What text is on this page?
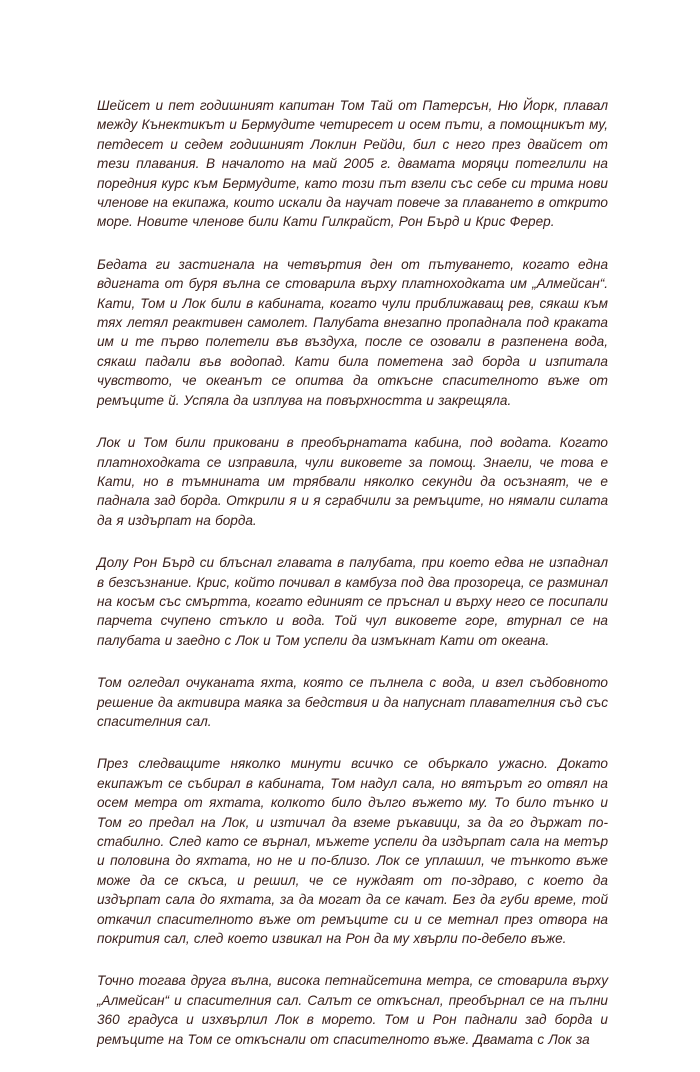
Шейсет и пет годишният капитан Том Тай от Патерсън, Ню Йорк, плавал между Кънектикът и Бермудите четиресет и осем пъти, а помощникът му, петдесет и седем годишният Локлин Рейди, бил с него през двайсет от тези плавания. В началото на май 2005 г. двамата моряци потеглили на поредния курс към Бермудите, като този път взели със себе си трима нови членове на екипажа, които искали да научат повече за плаването в открито море. Новите членове били Кати Гилкрайст, Рон Бърд и Крис Ферер.

Бедата ги застигнала на четвъртия ден от пътуването, когато една вдигната от буря вълна се стоварила върху платноходката им „Алмейсан“. Кати, Том и Лок били в кабината, когато чули приближаващ рев, сякаш към тях летял реактивен самолет. Палубата внезапно пропаднала под краката им и те първо полетели във въздуха, после се озовали в разпенена вода, сякаш падали във водопад. Кати била пометена зад борда и изпитала чувството, че океанът се опитва да откъсне спасителното въже от ремъците й. Успяла да изплува на повърхността и закрещяла.

Лок и Том били приковани в преобърнатата кабина, под водата. Когато платноходката се изправила, чули виковете за помощ. Знаели, че това е Кати, но в тъмнината им трябвали няколко секунди да осъзнаят, че е паднала зад борда. Открили я и я сграбчили за ремъците, но нямали силата да я издърпат на борда.

Долу Рон Бърд си блъснал главата в палубата, при което едва не изпаднал в безсъзнание. Крис, който почивал в камбуза под два прозореца, се разминал на косъм със смъртта, когато единият се пръснал и върху него се посипали парчета счупено стъкло и вода. Той чул виковете горе, втурнал се на палубата и заедно с Лок и Том успели да измъкнат Кати от океана.

Том огледал очуканата яхта, която се пълнела с вода, и взел съдбовното решение да активира маяка за бедствия и да напуснат плавателния съд със спасителния сал.

През следващите няколко минути всичко се объркало ужасно. Докато екипажът се събирал в кабината, Том надул сала, но вятърът го отвял на осем метра от яхтата, колкото било дълго въжето му. То било тънко и Том го предал на Лок, и изтичал да вземе ръкавици, за да го държат по-стабилно. След като се върнал, мъжете успели да издърпат сала на метър и половина до яхтата, но не и по-близо. Лок се уплашил, че тънкото въже може да се скъса, и решил, че се нуждаят от по-здраво, с което да издърпат сала до яхтата, за да могат да се качат. Без да губи време, той откачил спасителното въже от ремъците си и се метнал през отвора на покрития сал, след което извикал на Рон да му хвърли по-дебело въже.

Точно тогава друга вълна, висока петнайсетина метра, се стоварила върху „Алмейсан“ и спасителния сал. Салът се откъснал, преобърнал се на пълни 360 градуса и изхвърлил Лок в морето. Том и Рон паднали зад борда и ремъците на Том се откъснали от спасителното въже. Двамата с Лок за
